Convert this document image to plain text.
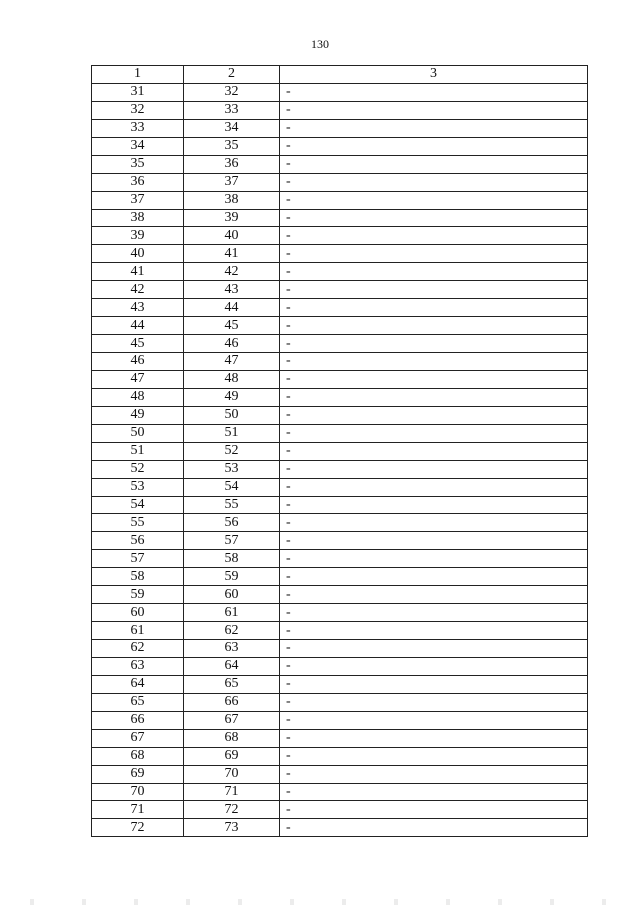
130
1	2	3
31	32	-
32	33	-
33	34	-
34	35	-
35	36	-
36	37	-
37	38	-
38	39	-
39	40	-
40	41	-
41	42	-
42	43	-
43	44	-
44	45	-
45	46	-
46	47	-
47	48	-
48	49	-
49	50	-
50	51	-
51	52	-
52	53	-
53	54	-
54	55	-
55	56	-
56	57	-
57	58	-
58	59	-
59	60	-
60	61	-
61	62	-
62	63	-
63	64	-
64	65	-
65	66	-
66	67	-
67	68	-
68	69	-
69	70	-
70	71	-
71	72	-
72	73	-
